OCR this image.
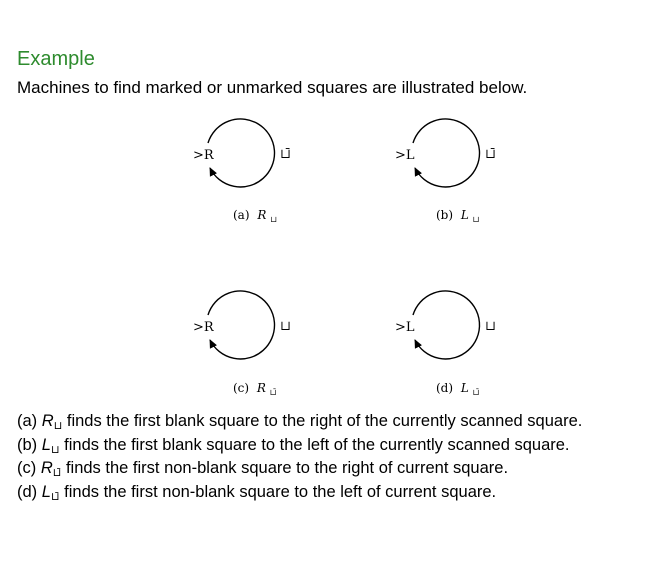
Example
Machines to find marked or unmarked squares are illustrated below.
>R	⊔̄
(a) R $_⊔$
>L	⊔̄
(b) L $_⊔$
>R	⊔
(c) R $_{⊔̄}$
>L	⊔
(d) L $_{⊔̄}$
(a) $R_⊔$ finds the first blank square to the right of the currently scanned square.
(b) $L_⊔$ finds the first blank square to the left of the currently scanned square.
(c) $R_{⊔̄}$ finds the first non-blank square to the right of current square.
(d) $L_{⊔̄}$ finds the first non-blank square to the left of current square.
